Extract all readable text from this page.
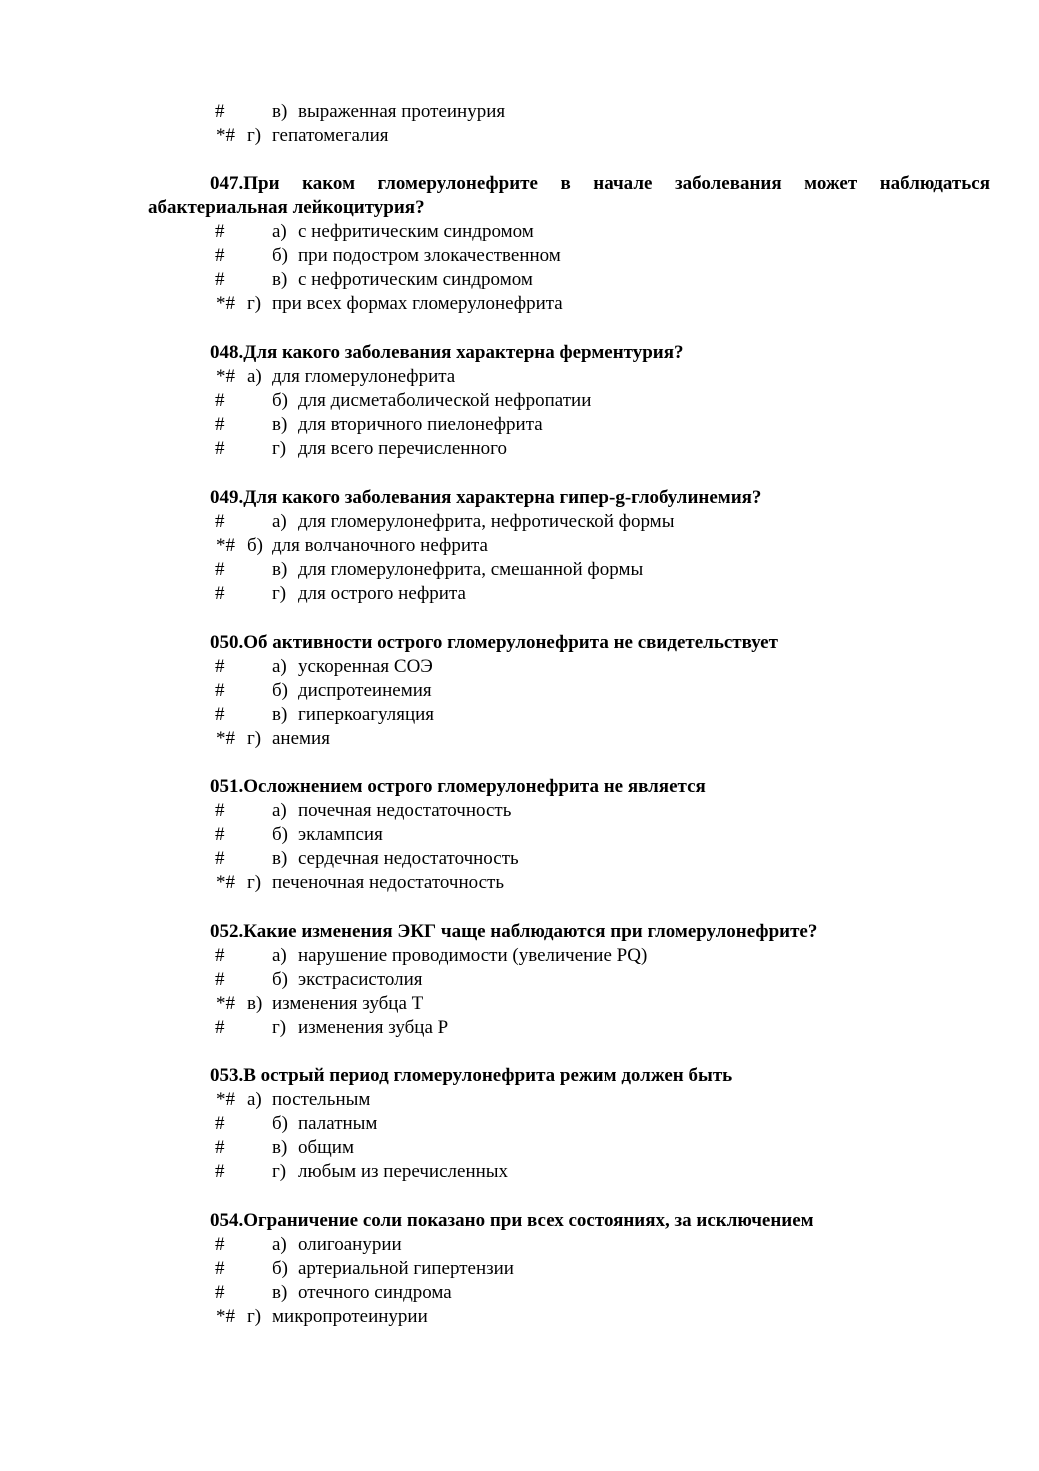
#	в) выраженная протеинурия
*# г) гепатомегалия
047.При каком гломерулонефрите в начале заболевания может наблюдаться
абактериальная лейкоцитурия?
#	а) с нефритическим синдромом
#	б) при подостром злокачественном
#	в) с нефротическим синдромом
*# г) при всех формах гломерулонефрита
048.Для какого заболевания характерна ферментурия?
*# а) для гломерулонефрита
#	б) для дисметаболической нефропатии
#	в) для вторичного пиелонефрита
#	г) для всего перечисленного
049.Для какого заболевания характерна гипер-g-глобулинемия?
#	а) для гломерулонефрита, нефротической формы
*# б) для волчаночного нефрита
#	в) для гломерулонефрита, смешанной формы
#	г) для острого нефрита
050.Об активности острого гломерулонефрита не свидетельствует
#	а) ускоренная СОЭ
#	б) диспротеинемия
#	в) гиперкоагуляция
*# г) анемия
051.Осложнением острого гломерулонефрита не является
#	а) почечная недостаточность
#	б) эклампсия
#	в) сердечная недостаточность
*# г) печеночная недостаточность
052.Какие изменения ЭКГ чаще наблюдаются при гломерулонефрите?
#	а) нарушение проводимости (увеличение PQ)
#	б) экстрасистолия
*# в) изменения зубца T
#	г) изменения зубца P
053.В острый период гломерулонефрита режим должен быть
*# а) постельным
#	б) палатным
#	в) общим
#	г) любым из перечисленных
054.Ограничение соли показано при всех состояниях, за исключением
#	а) олигоанурии
#	б) артериальной гипертензии
#	в) отечного синдрома
*# г) микропротеинурии
